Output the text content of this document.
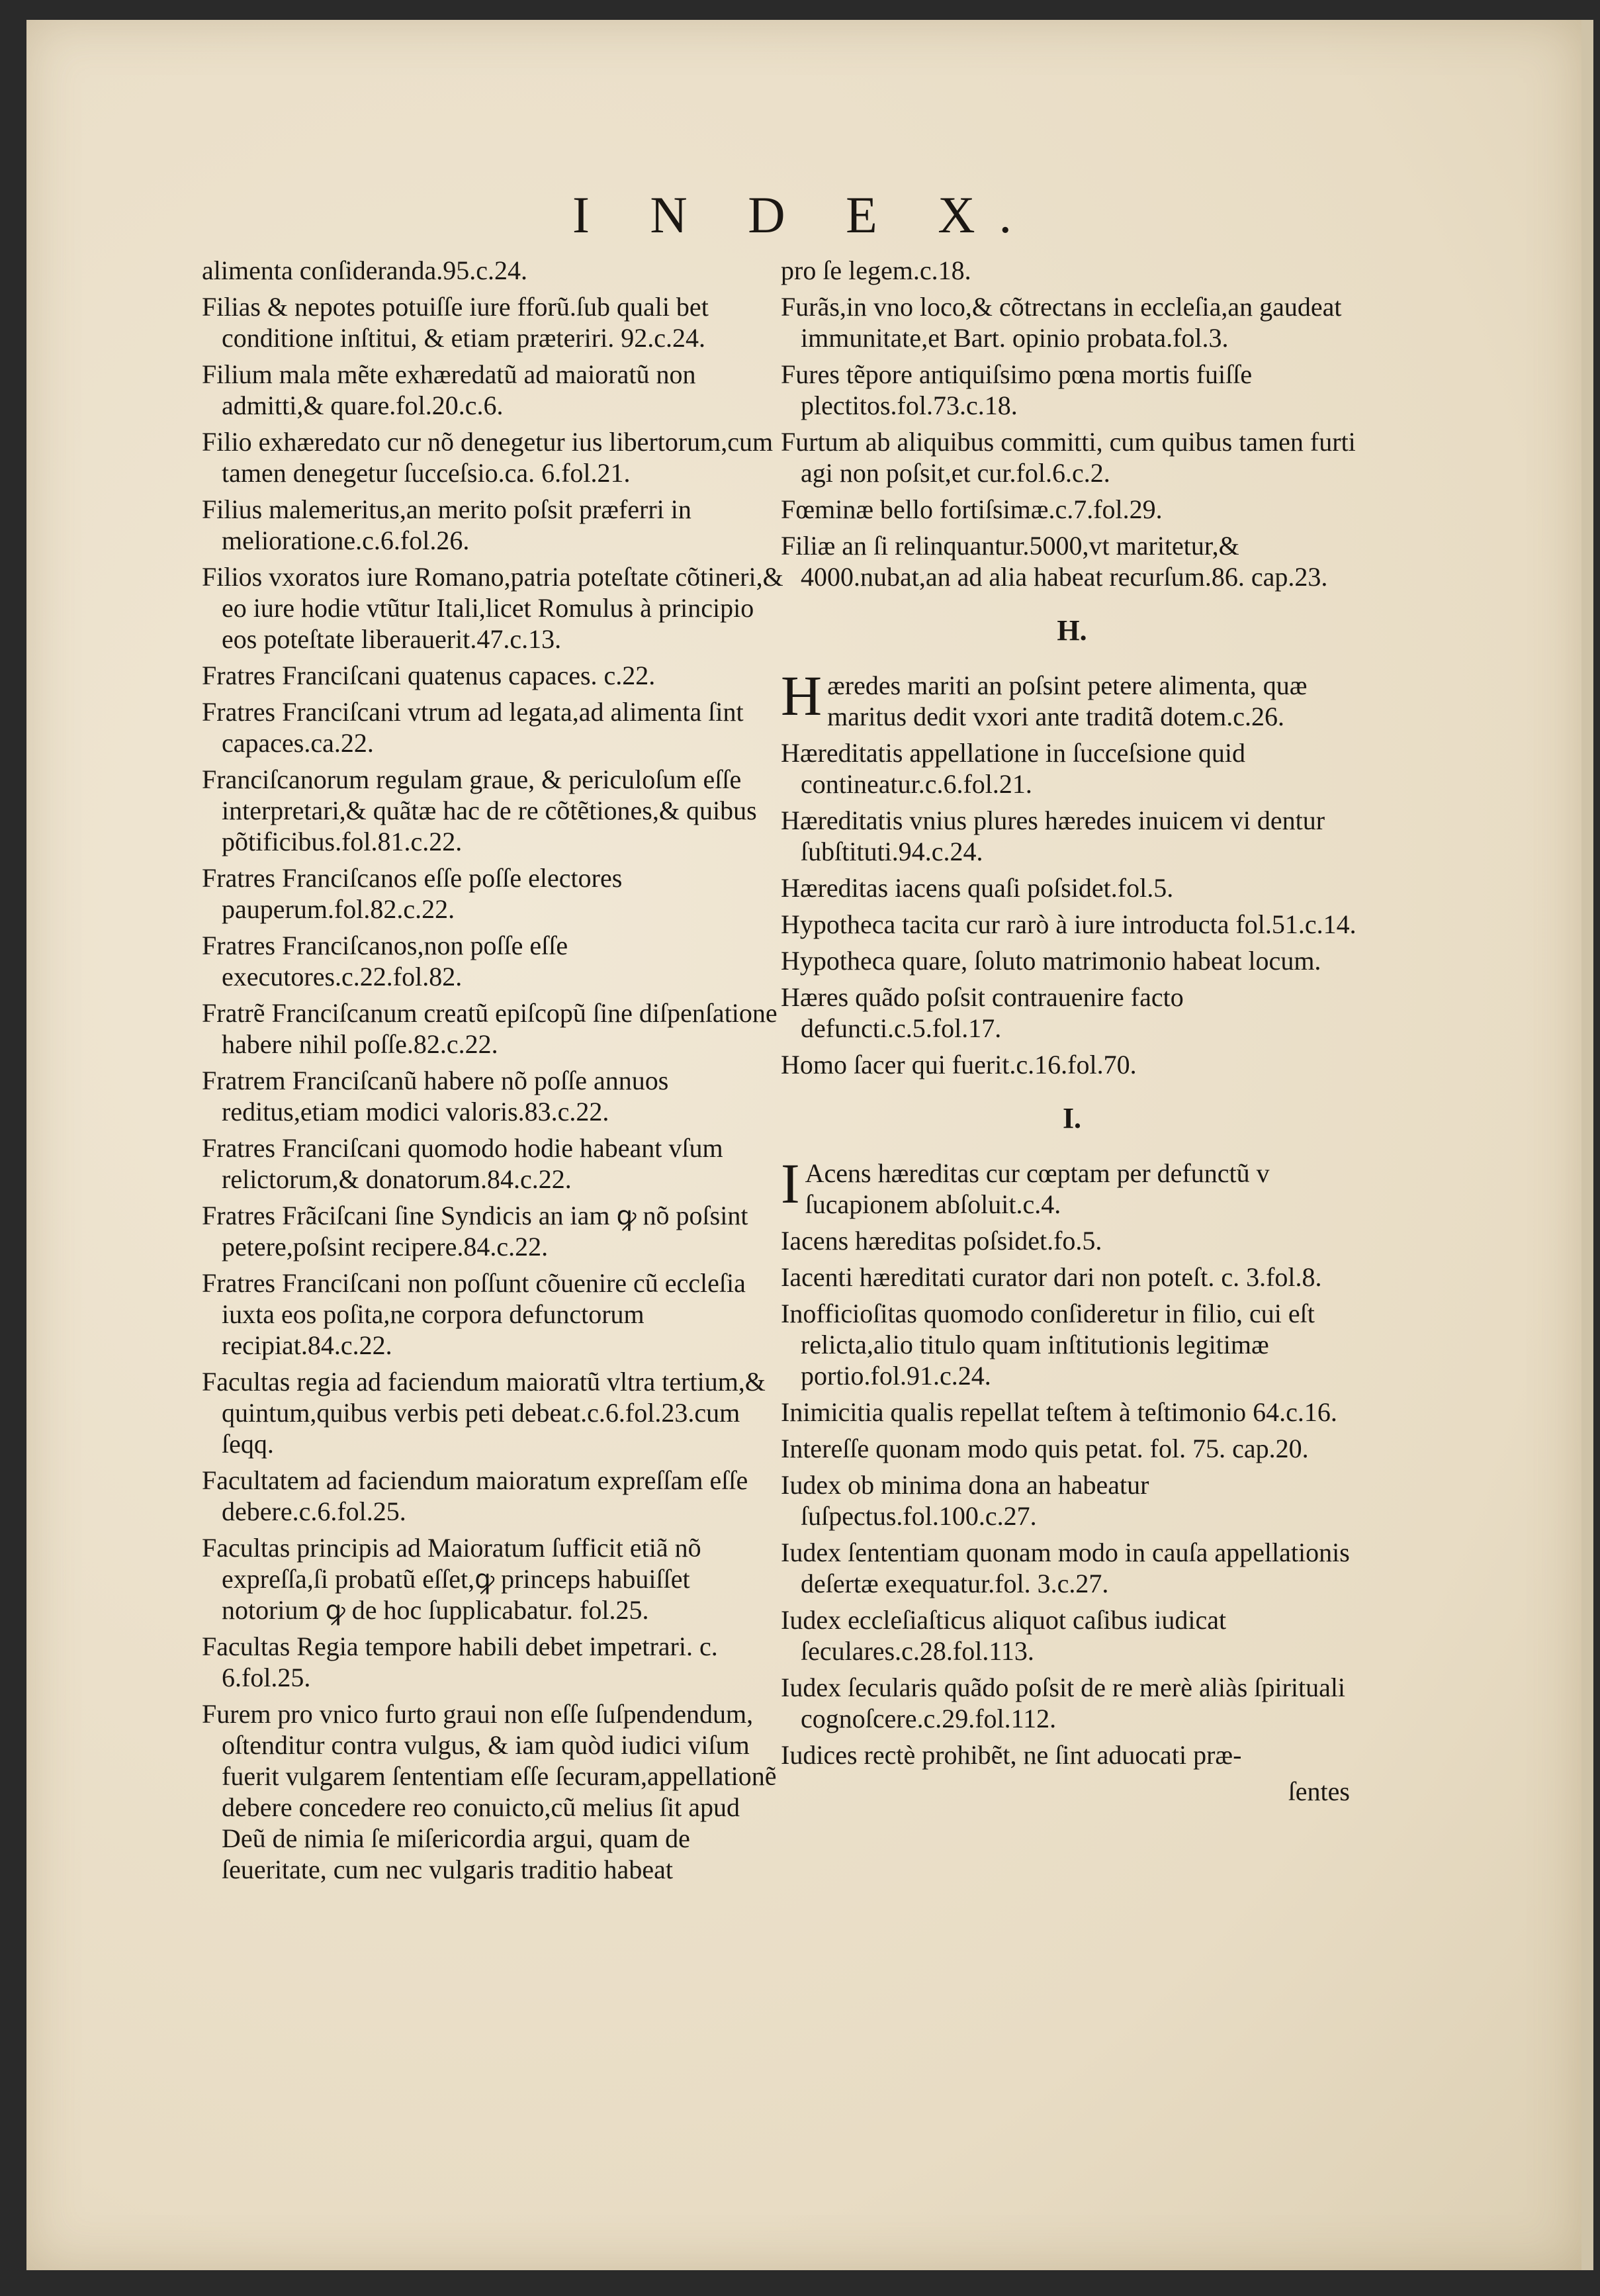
I N D E X.
alimenta conſideranda.95.c.24.
Filias & nepotes potuiſſe iure fforũ.ſub quali bet conditione inſtitui, & etiam præteriri. 92.c.24.
Filium mala mẽte exhæredatũ ad maioratũ non admitti,& quare.fol.20.c.6.
Filio exhæredato cur nõ denegetur ius libertorum,cum tamen denegetur ſucceſsio.ca. 6.fol.21.
Filius malemeritus,an merito poſsit præferri in melioratione.c.6.fol.26.
Filios vxoratos iure Romano,patria poteſtate cõtineri,& eo iure hodie vtũtur Itali,licet Romulus à principio eos poteſtate liberauerit.47.c.13.
Fratres Franciſcani quatenus capaces. c.22.
Fratres Franciſcani vtrum ad legata,ad alimenta ſint capaces.ca.22.
Franciſcanorum regulam graue, & periculoſum eſſe interpretari,& quãtæ hac de re cõtẽtiones,& quibus põtificibus.fol.81.c.22.
Fratres Franciſcanos eſſe poſſe electores pauperum.fol.82.c.22.
Fratres Franciſcanos,non poſſe eſſe executores.c.22.fol.82.
Fratrẽ Franciſcanum creatũ epiſcopũ ſine diſpenſatione habere nihil poſſe.82.c.22.
Fratrem Franciſcanũ habere nõ poſſe annuos reditus,etiam modici valoris.83.c.22.
Fratres Franciſcani quomodo hodie habeant vſum relictorum,& donatorum.84.c.22.
Fratres Frãciſcani ſine Syndicis an iam ꝙ nõ poſsint petere,poſsint recipere.84.c.22.
Fratres Franciſcani non poſſunt cõuenire cũ eccleſia iuxta eos poſita,ne corpora defunctorum recipiat.84.c.22.
Facultas regia ad faciendum maioratũ vltra tertium,& quintum,quibus verbis peti debeat.c.6.fol.23.cum ſeqq.
Facultatem ad faciendum maioratum expreſſam eſſe debere.c.6.fol.25.
Facultas principis ad Maioratum ſufficit etiã nõ expreſſa,ſi probatũ eſſet,ꝙ princeps habuiſſet notorium ꝙ de hoc ſupplicabatur. fol.25.
Facultas Regia tempore habili debet impetrari. c. 6.fol.25.
Furem pro vnico furto graui non eſſe ſuſpendendum, oſtenditur contra vulgus, & iam quòd iudici viſum fuerit vulgarem ſententiam eſſe ſecuram,appellationẽ debere concedere reo conuicto,cũ melius ſit apud Deũ de nimia ſe miſericordia argui, quam de ſeueritate, cum nec vulgaris traditio habeat
pro ſe legem.c.18.
Furãs,in vno loco,& cõtrectans in eccleſia,an gaudeat immunitate,et Bart. opinio probata.fol.3.
Fures tẽpore antiquiſsimo pœna mortis fuiſſe plectitos.fol.73.c.18.
Furtum ab aliquibus committi, cum quibus tamen furti agi non poſsit,et cur.fol.6.c.2.
Fœminæ bello fortiſsimæ.c.7.fol.29.
Filiæ an ſi relinquantur.5000,vt maritetur,& 4000.nubat,an ad alia habeat recurſum.86. cap.23.
H.
Hæredes mariti an poſsint petere alimenta, quæ maritus dedit vxori ante traditã dotem.c.26.
Hæreditatis appellatione in ſucceſsione quid contineatur.c.6.fol.21.
Hæreditatis vnius plures hæredes inuicem vi dentur ſubſtituti.94.c.24.
Hæreditas iacens quaſi poſsidet.fol.5.
Hypotheca tacita cur rarò à iure introducta fol.51.c.14.
Hypotheca quare, ſoluto matrimonio habeat locum.
Hæres quãdo poſsit contrauenire facto defuncti.c.5.fol.17.
Homo ſacer qui fuerit.c.16.fol.70.
I.
I Acens hæreditas cur cœptam per defunctũ v ſucapionem abſoluit.c.4.
Iacens hæreditas poſsidet.fo.5.
Iacenti hæreditati curator dari non poteſt. c. 3.fol.8.
Inofficioſitas quomodo conſideretur in filio, cui eſt relicta,alio titulo quam inſtitutionis legitimæ portio.fol.91.c.24.
Inimicitia qualis repellat teſtem à teſtimonio 64.c.16.
Intereſſe quonam modo quis petat. fol. 75. cap.20.
Iudex ob minima dona an habeatur ſuſpectus.fol.100.c.27.
Iudex ſententiam quonam modo in cauſa appellationis deſertæ exequatur.fol. 3.c.27.
Iudex eccleſiaſticus aliquot caſibus iudicat ſeculares.c.28.fol.113.
Iudex ſecularis quãdo poſsit de re merè aliàs ſpirituali cognoſcere.c.29.fol.112.
Iudices rectè prohibẽt, ne ſint aduocati præ-
ſentes
